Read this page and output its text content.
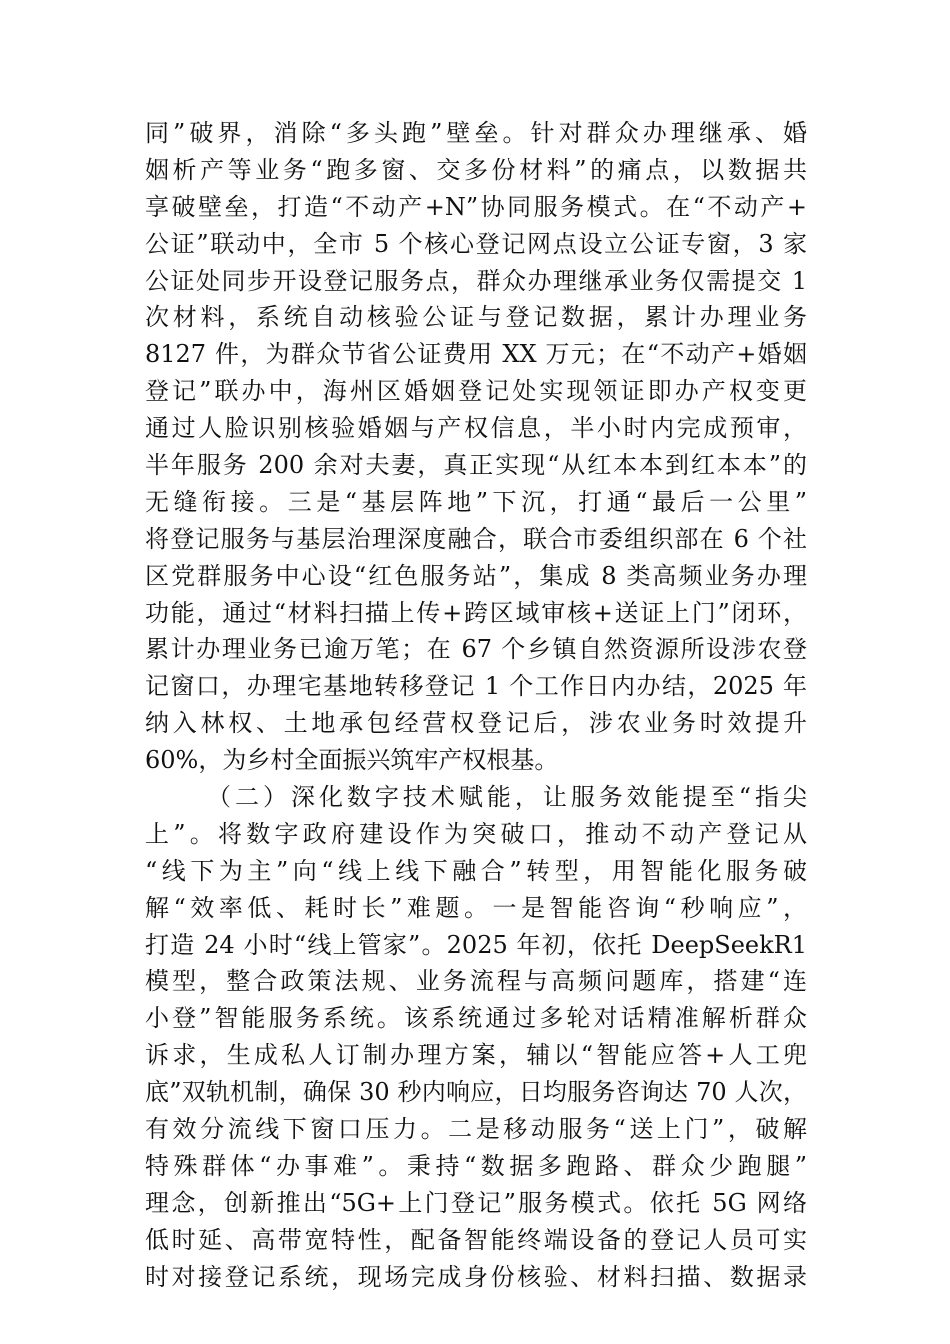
同”破界，消除“多头跑”壁垒。针对群众办理继承、婚
姻析产等业务“跑多窗、交多份材料”的痛点，以数据共
享破壁垒，打造“不动产+N”协同服务模式。在“不动产+
公证”联动中，全市 5 个核心登记网点设立公证专窗，3 家
公证处同步开设登记服务点，群众办理继承业务仅需提交 1
次材料，系统自动核验公证与登记数据，累计办理业务
8127 件，为群众节省公证费用 XX 万元；在“不动产+婚姻
登记”联办中，海州区婚姻登记处实现领证即办产权变更
通过人脸识别核验婚姻与产权信息，半小时内完成预审，
半年服务 200 余对夫妻，真正实现“从红本本到红本本”的
无缝衔接。三是“基层阵地”下沉，打通“最后一公里”
将登记服务与基层治理深度融合，联合市委组织部在 6 个社
区党群服务中心设“红色服务站”，集成 8 类高频业务办理
功能，通过“材料扫描上传+跨区域审核+送证上门”闭环，
累计办理业务已逾万笔；在 67 个乡镇自然资源所设涉农登
记窗口，办理宅基地转移登记 1 个工作日内办结，2025 年
纳入林权、土地承包经营权登记后，涉农业务时效提升
60%，为乡村全面振兴筑牢产权根基。
（二）深化数字技术赋能，让服务效能提至“指尖
上”。将数字政府建设作为突破口，推动不动产登记从
“线下为主”向“线上线下融合”转型，用智能化服务破
解“效率低、耗时长”难题。一是智能咨询“秒响应”，
打造 24 小时“线上管家”。2025 年初，依托 DeepSeekR1
模型，整合政策法规、业务流程与高频问题库，搭建“连
小登”智能服务系统。该系统通过多轮对话精准解析群众
诉求，生成私人订制办理方案，辅以“智能应答+人工兜
底”双轨机制，确保 30 秒内响应，日均服务咨询达 70 人次，
有效分流线下窗口压力。二是移动服务“送上门”，破解
特殊群体“办事难”。秉持“数据多跑路、群众少跑腿”
理念，创新推出“5G+上门登记”服务模式。依托 5G 网络
低时延、高带宽特性，配备智能终端设备的登记人员可实
时对接登记系统，现场完成身份核验、材料扫描、数据录
